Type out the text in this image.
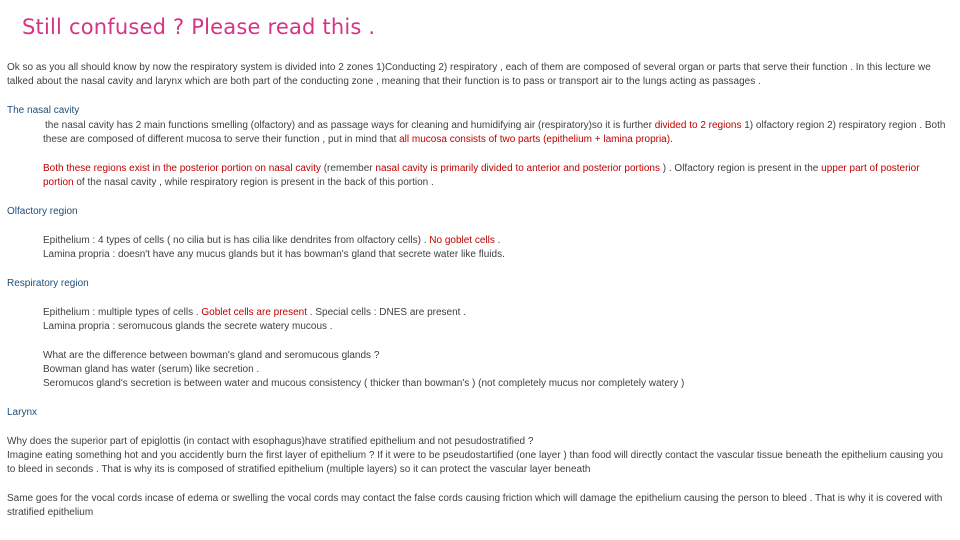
Still confused ? Please read this .
Ok so as you all should know by now the respiratory system is divided into 2 zones 1)Conducting 2) respiratory , each of them are composed of several organ or parts that serve their function . In this lecture we talked about the nasal cavity and larynx which are both part of the conducting zone , meaning that their function is to pass or transport air to the lungs acting as passages .
The nasal cavity
the nasal cavity has 2 main functions smelling (olfactory) and as passage ways for cleaning and humidifying air (respiratory)so it is further divided to 2 regions 1) olfactory region 2) respiratory region . Both these are composed of different mucosa to serve their function , put in mind that all mucosa consists of two parts (epithelium + lamina propria).
Both these regions exist in the posterior portion on nasal cavity (remember nasal cavity is primarily divided to anterior and posterior portions ) . Olfactory region is present in the upper part of posterior portion of the nasal cavity , while respiratory region is present in the back of this portion .
Olfactory region
Epithelium : 4 types of cells ( no cilia but is has cilia like dendrites from olfactory cells) . No goblet cells .
Lamina propria : doesn't have any mucus glands but it has bowman's gland that secrete water like fluids.
Respiratory region
Epithelium : multiple types of cells . Goblet cells are present . Special cells : DNES are present .
Lamina propria : seromucous glands the secrete watery mucous .
What are the difference between bowman's gland and seromucous glands ?
Bowman gland has water (serum) like secretion .
Seromucos gland's secretion is between water and mucous consistency ( thicker than bowman's ) (not completely mucus nor completely watery )
Larynx
Why does the superior part of epiglottis (in contact with esophagus)have stratified epithelium and not pesudostratified ?
Imagine eating something hot and you accidently burn the first layer of epithelium ? If it were to be pseudostartified (one layer ) than food will directly contact the vascular tissue beneath the epithelium causing you to bleed in seconds . That is why its is composed of stratified epithelium (multiple layers) so it can protect the vascular layer beneath
Same goes for the vocal cords incase of edema or swelling the vocal cords may contact the false cords causing friction which will damage the epithelium causing the person to bleed . That is why it is covered with stratified epithelium
